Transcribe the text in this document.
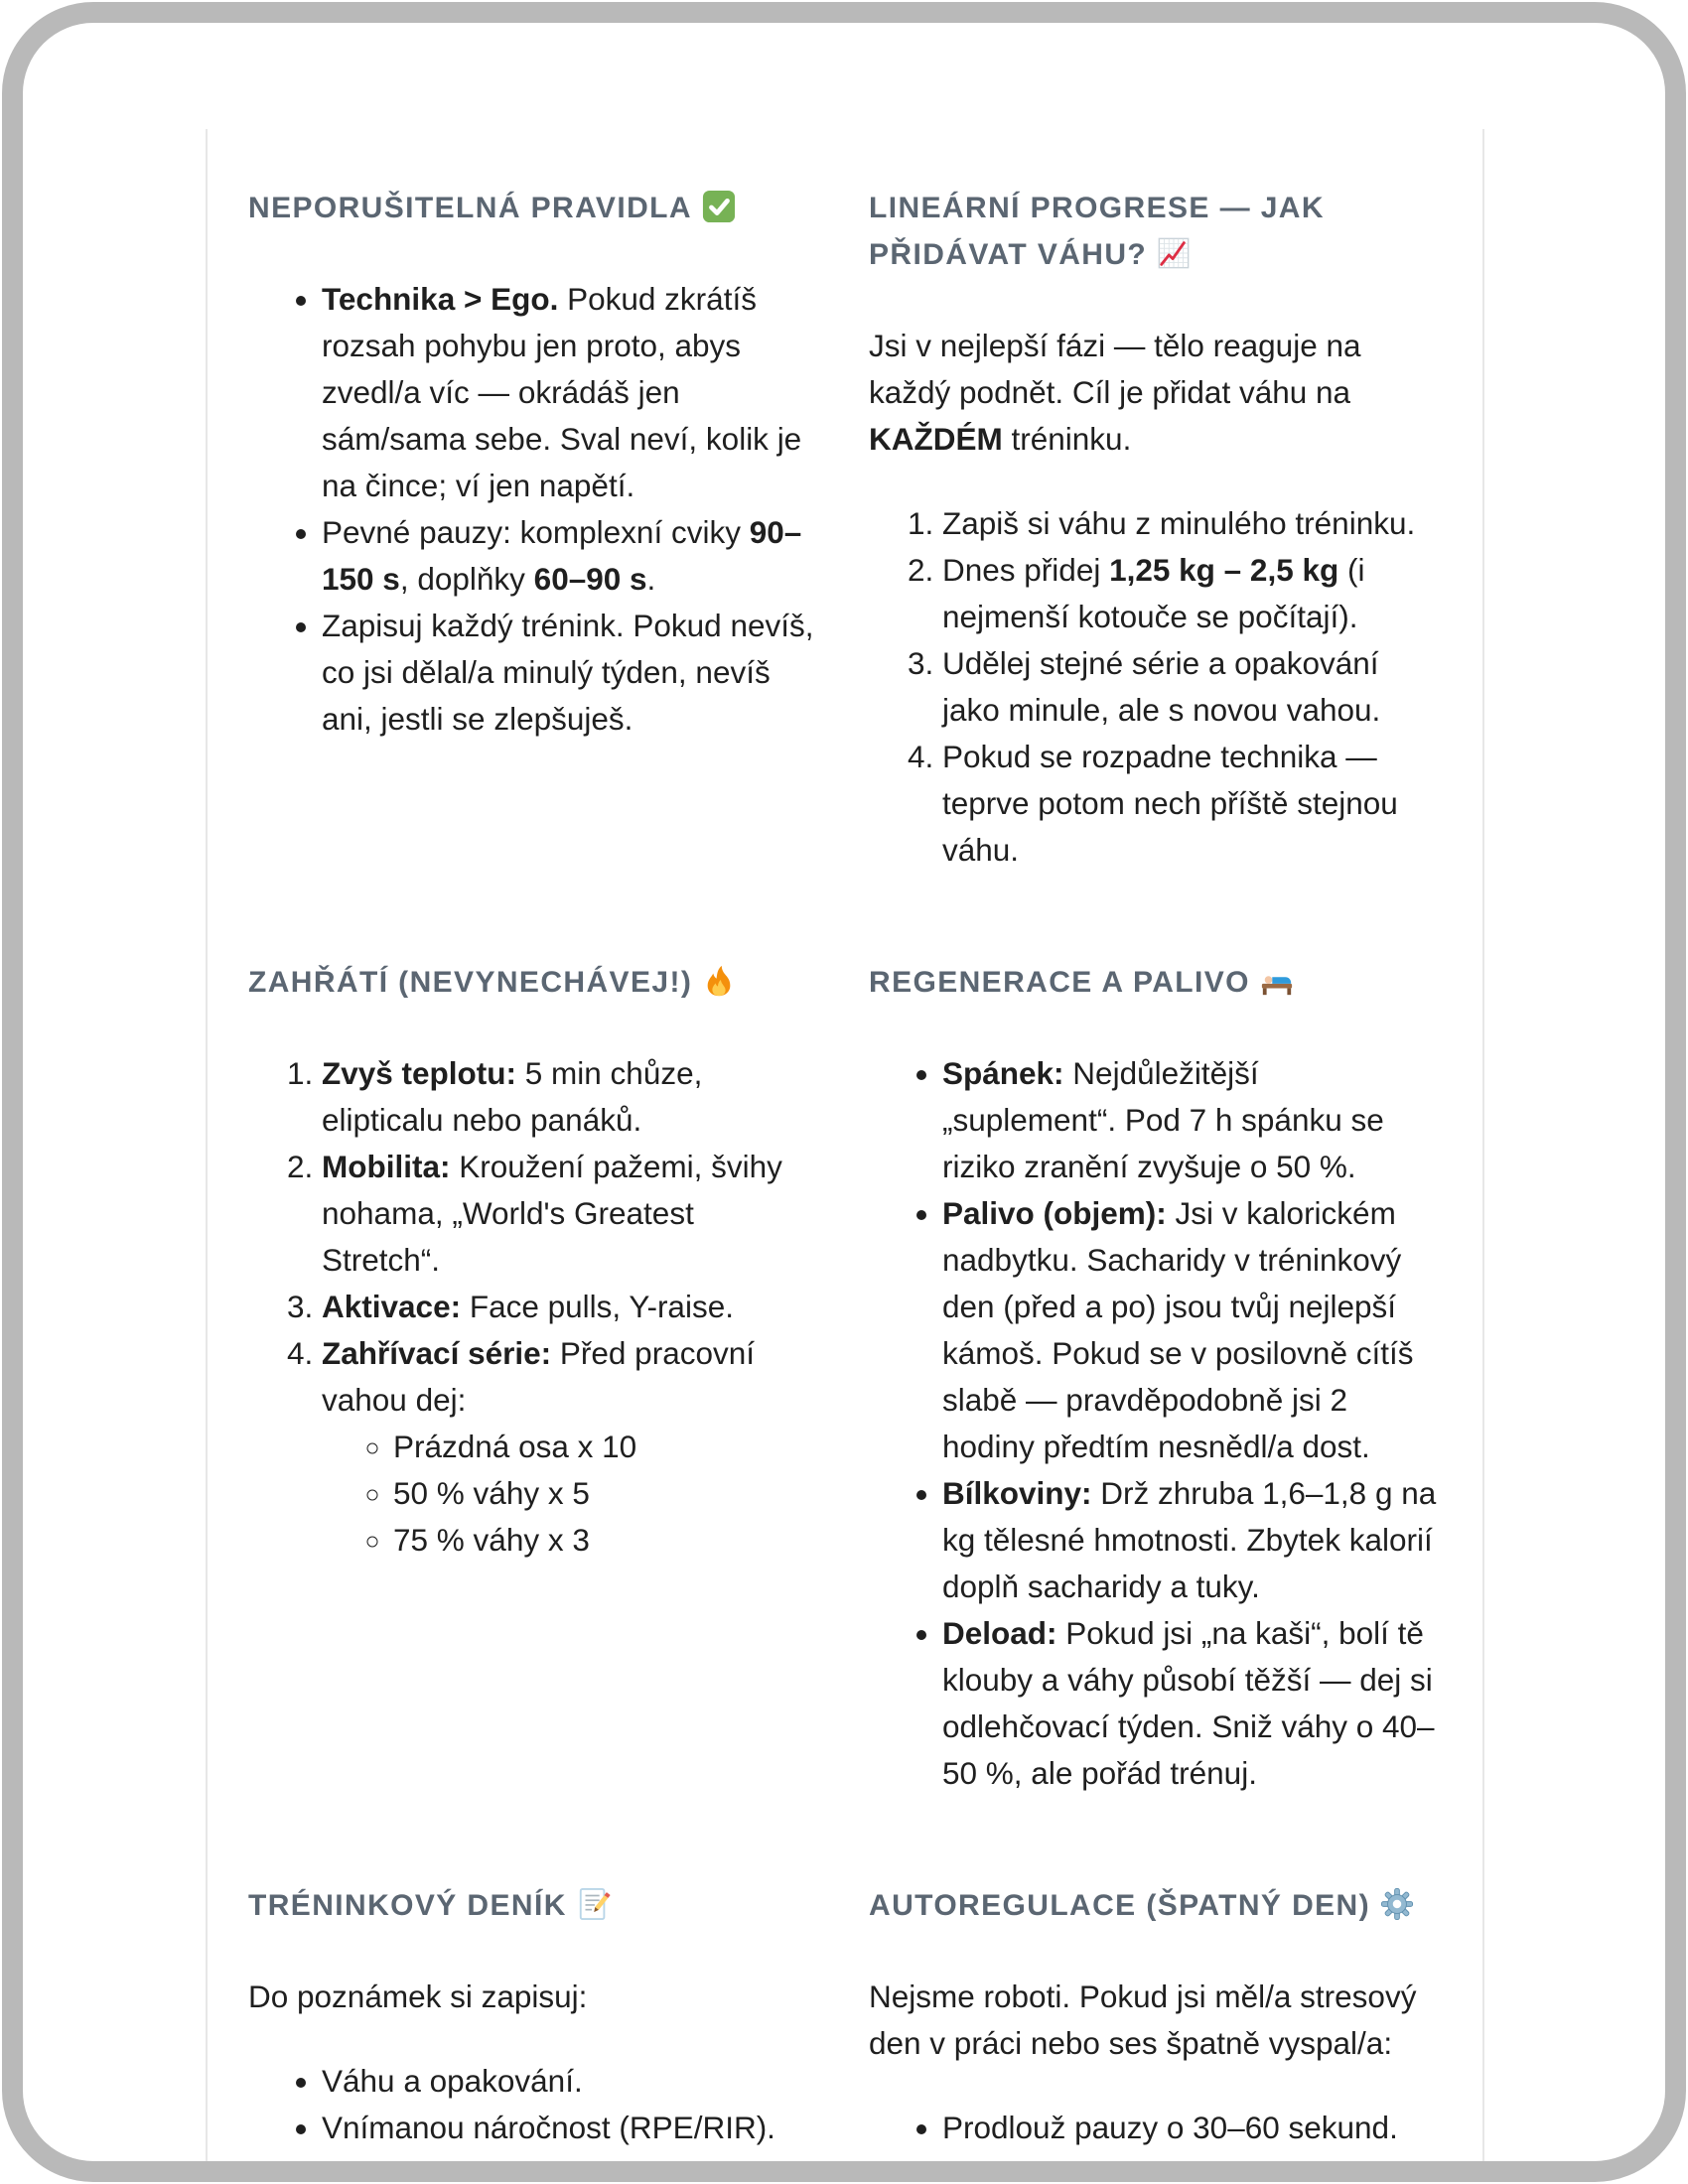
NEPORUŠITELNÁ PRAVIDLA
• Technika > Ego. Pokud zkrátíš rozsah pohybu jen proto, abys zvedl/a víc — okrádáš jen sám/sama sebe. Sval neví, kolik je na čince; ví jen napětí.
• Pevné pauzy: komplexní cviky 90–150 s, doplňky 60–90 s.
• Zapisuj každý trénink. Pokud nevíš, co jsi dělal/a minulý týden, nevíš ani, jestli se zlepšuješ.
LINEÁRNÍ PROGRESE — JAK PŘIDÁVAT VÁHU?

Jsi v nejlepší fázi — tělo reaguje na každý podnět. Cíl je přidat váhu na KAŽDÉM tréninku.

1. Zapiš si váhu z minulého tréninku.
2. Dnes přidej 1,25 kg – 2,5 kg (i nejmenší kotouče se počítají).
3. Udělej stejné série a opakování jako minule, ale s novou vahou.
4. Pokud se rozpadne technika — teprve potom nech příště stejnou váhu.
ZAHŘÁTÍ (NEVYNECHÁVEJ!)
1. Zvyš teplotu: 5 min chůze, elipticalu nebo panáků.
2. Mobilita: Kroužení pažemi, švihy nohama, „World's Greatest Stretch“.
3. Aktivace: Face pulls, Y-raise.
4. Zahřívací série: Před pracovní vahou dej:
◦ Prázdná osa x 10
◦ 50 % váhy x 5
◦ 75 % váhy x 3
REGENERACE A PALIVO
• Spánek: Nejdůležitější „suplement“. Pod 7 h spánku se riziko zranění zvyšuje o 50 %.
• Palivo (objem): Jsi v kalorickém nadbytku. Sacharidy v tréninkový den (před a po) jsou tvůj nejlepší kámoš. Pokud se v posilovně cítíš slabě — pravděpodobně jsi 2 hodiny předtím nesnědl/a dost.
• Bílkoviny: Drž zhruba 1,6–1,8 g na kg tělesné hmotnosti. Zbytek kalorií doplň sacharidy a tuky.
• Deload: Pokud jsi „na kaši“, bolí tě klouby a váhy působí těžší — dej si odlehčovací týden. Sniž váhy o 40–50 %, ale pořád trénuj.
TRÉNINKOVÝ DENÍK

Do poznámek si zapisuj:

• Váhu a opakování.
• Vnímanou náročnost (RPE/RIR).
AUTOREGULACE (ŠPATNÝ DEN)

Nejsme roboti. Pokud jsi měl/a stresový den v práci nebo ses špatně vyspal/a:

• Prodlouž pauzy o 30–60 sekund.
